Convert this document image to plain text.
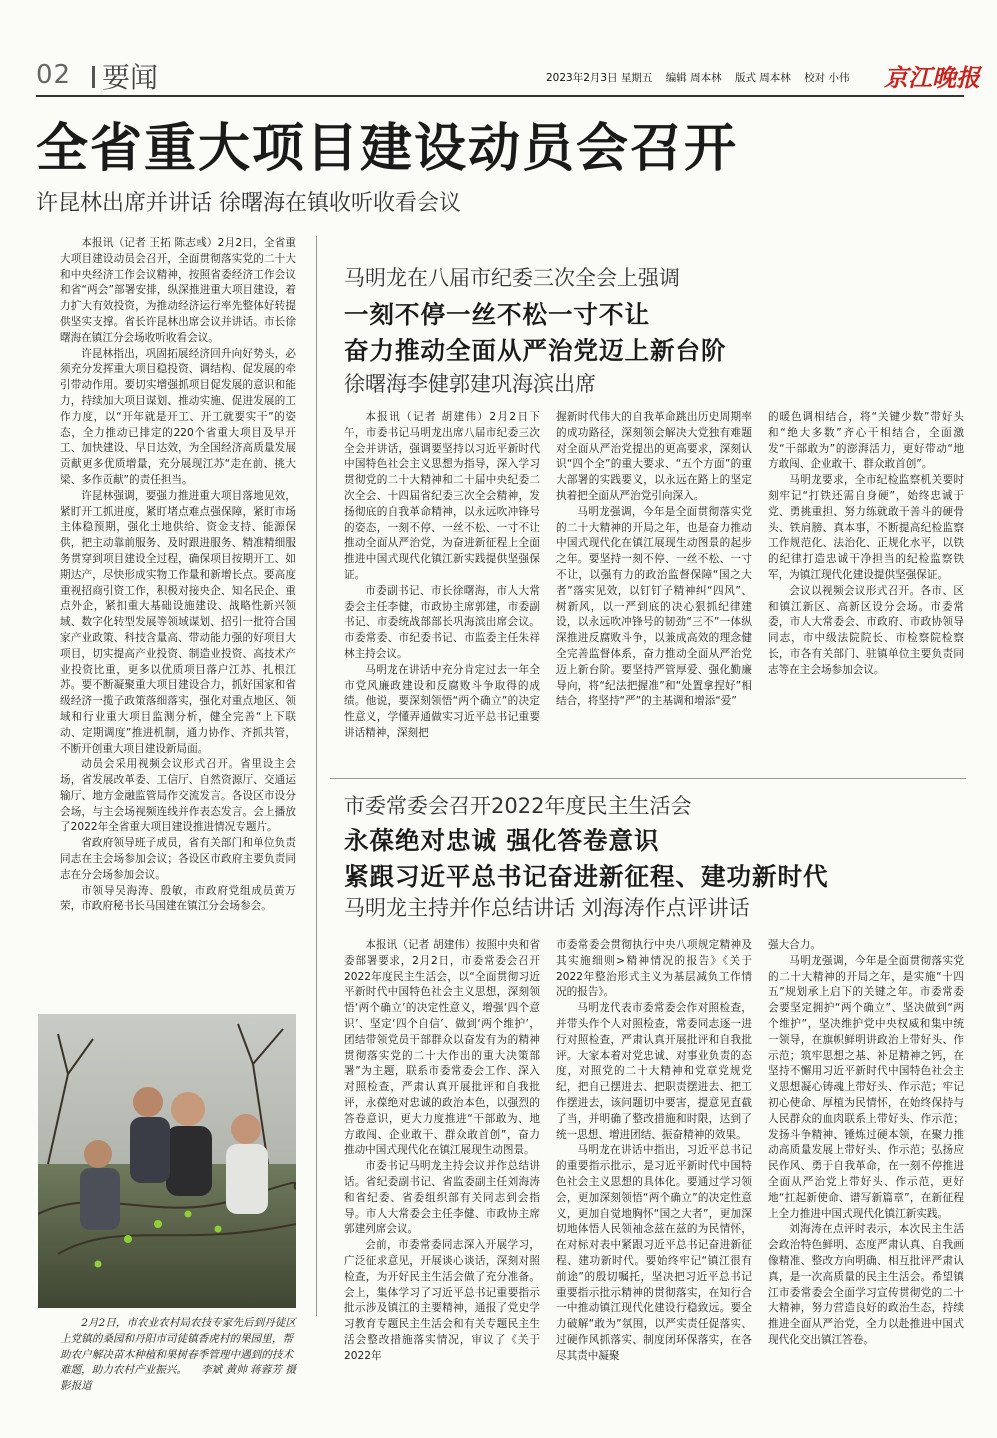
02 要闻	2023年2月3日 星期五 编辑 周本林 版式 周本林 校对 小伟	京江晚报
全省重大项目建设动员会召开
许昆林出席并讲话 徐曙海在镇收听收看会议

本报讯（记者 王拓 陈志彧）2月2日，全省重大项目建设动员会召开，全面贯彻落实党的二十大和中央经济工作会议精神，按照省委经济工作会议和省“两会”部署安排，纵深推进重大项目建设，着力扩大有效投资，为推动经济运行率先整体好转提供坚实支撑。省长许昆林出席会议并讲话。市长徐曙海在镇江分会场收听收看会议。

许昆林指出，巩固拓展经济回升向好势头，必须充分发挥重大项目稳投资、调结构、促发展的牵引带动作用。要切实增强抓项目促发展的意识和能力，持续加大项目谋划、推动实施、促进发展的工作力度，以“开年就是开工、开工就要实干”的姿态，全力推动已排定的220个省重大项目及早开工、加快建设、早日达效，为全国经济高质量发展贡献更多优质增量，充分展现江苏“走在前、挑大梁、多作贡献”的责任担当。

许昆林强调，要强力推进重大项目落地见效，紧盯开工抓进度，紧盯堵点难点强保障，紧盯市场主体稳预期，强化土地供给、资金支持、能源保供，把主动靠前服务、及时跟进服务、精准精细服务贯穿到项目建设全过程，确保项目按期开工、如期达产，尽快形成实物工作量和新增长点。要高度重视招商引资工作，积极对接央企、知名民企、重点外企，紧扣重大基础设施建设、战略性新兴领域、数字化转型发展等领域谋划、招引一批符合国家产业政策、科技含量高、带动能力强的好项目大项目，切实提高产业投资、制造业投资、高技术产业投资比重，更多以优质项目落户江苏、扎根江苏。要不断凝聚重大项目建设合力，抓好国家和省级经济一揽子政策落细落实，强化对重点地区、领域和行业重大项目监测分析，健全完善“上下联动、定期调度”推进机制，通力协作、齐抓共管，不断开创重大项目建设新局面。

动员会采用视频会议形式召开。省里设主会场，省发展改革委、工信厅、自然资源厅、交通运输厅、地方金融监管局作交流发言。各设区市设分会场，与主会场视频连线并作表态发言。会上播放了2022年全省重大项目建设推进情况专题片。

省政府领导班子成员，省有关部门和单位负责同志在主会场参加会议；各设区市政府主要负责同志在分会场参加会议。

市领导吴海涛、殷敏，市政府党组成员黄万荣，市政府秘书长马国建在镇江分会场参会。

马明龙在八届市纪委三次全会上强调
一刻不停一丝不松一寸不让
奋力推动全面从严治党迈上新台阶
徐曙海李健郭建巩海滨出席

本报讯（记者 胡建伟）2月2日下午，市委书记马明龙出席八届市纪委三次全会并讲话，强调要坚持以习近平新时代中国特色社会主义思想为指导，深入学习贯彻党的二十大精神和二十届中央纪委二次全会、十四届省纪委三次全会精神，发扬彻底的自我革命精神，以永远吹冲锋号的姿态，一刻不停、一丝不松、一寸不让推动全面从严治党，为奋进新征程上全面推进中国式现代化镇江新实践提供坚强保证。

市委副书记、市长徐曙海，市人大常委会主任李健，市政协主席郭建，市委副书记、市委统战部部长巩海滨出席会议。市委常委、市纪委书记、市监委主任朱祥林主持会议。

马明龙在讲话中充分肯定过去一年全市党风廉政建设和反腐败斗争取得的成绩。他说，要深刻领悟“两个确立”的决定性意义，学懂弄通做实习近平总书记重要讲话精神，深刻把

握新时代伟大的自我革命跳出历史周期率的成功路径，深刻领会解决大党独有难题对全面从严治党提出的更高要求，深刻认识“四个全”的重大要求、“五个方面”的重大部署的实践要义，以永远在路上的坚定执着把全面从严治党引向深入。

马明龙强调，今年是全面贯彻落实党的二十大精神的开局之年，也是奋力推动中国式现代化在镇江展现生动图景的起步之年。要坚持一刻不停、一丝不松、一寸不让，以强有力的政治监督保障“国之大者”落实见效，以钉钉子精神纠“四风”、树新风，以一严到底的决心狠抓纪律建设，以永远吹冲锋号的韧劲“三不”一体纵深推进反腐败斗争，以兼成高效的理念健全完善监督体系，奋力推动全面从严治党迈上新台阶。要坚持严管厚爱、强化勤廉导向，将“纪法把握准”和“处置拿捏好”相结合，将坚持“严”的主基调和增添“爱”

的暖色调相结合，将“关键少数”带好头和“绝大多数”齐心干相结合，全面激发“干部敢为”的澎湃活力，更好带动“地方敢闯、企业敢干、群众敢首创”。

马明龙要求，全市纪检监察机关要时刻牢记“打铁还需自身硬”，始终忠诚于党、勇挑重担、努力练就敢干善斗的硬骨头、铁肩膀、真本事，不断提高纪检监察工作规范化、法治化、正规化水平，以铁的纪律打造忠诚干净担当的纪检监察铁军，为镇江现代化建设提供坚强保证。

会议以视频会议形式召开。各市、区和镇江新区、高新区设分会场。市委常委，市人大常委会、市政府、市政协领导同志，市中级法院院长、市检察院检察长，市各有关部门、驻镇单位主要负责同志等在主会场参加会议。

市委常委会召开2022年度民主生活会
永葆绝对忠诚 强化答卷意识
紧跟习近平总书记奋进新征程、建功新时代
马明龙主持并作总结讲话 刘海涛作点评讲话

本报讯（记者 胡建伟）按照中央和省委部署要求，2月2日，市委常委会召开2022年度民主生活会，以“全面贯彻习近平新时代中国特色社会主义思想，深刻领悟‘两个确立’的决定性意义，增强‘四个意识’、坚定‘四个自信’、做到‘两个维护’，团结带领党员干部群众以奋发有为的精神贯彻落实党的二十大作出的重大决策部署”为主题，联系市委常委会工作、深入对照检查，严肃认真开展批评和自我批评，永葆绝对忠诚的政治本色，以强烈的答卷意识，更大力度推进“干部敢为、地方敢闯、企业敢干、群众敢首创”，奋力推动中国式现代化在镇江展现生动图景。

市委书记马明龙主持会议并作总结讲话。省纪委副书记、省监委副主任刘海涛和省纪委、省委组织部有关同志到会指导。市人大常委会主任李健、市政协主席郭建列席会议。

会前，市委常委同志深入开展学习，广泛征求意见，开展谈心谈话，深刻对照检查，为开好民主生活会做了充分准备。会上，集体学习了习近平总书记重要指示批示涉及镇江的主要精神，通报了党史学习教育专题民主生活会和有关专题民主生活会整改措施落实情况，审议了《关于2022年

市委常委会贯彻执行中央八项规定精神及其实施细则>精神情况的报告》《关于2022年整治形式主义为基层减负工作情况的报告》。

马明龙代表市委常委会作对照检查，并带头作个人对照检查，常委同志逐一进行对照检查，严肃认真开展批评和自我批评。大家本着对党忠诚、对事业负责的态度，对照党的二十大精神和党章党规党纪，把自己摆进去、把职责摆进去、把工作摆进去，该问题切中要害，提意见直截了当，并明确了整改措施和时限，达到了统一思想、增进团结、振奋精神的效果。

马明龙在讲话中指出，习近平总书记的重要指示批示，是习近平新时代中国特色社会主义思想的具体化。要通过学习领会，更加深刻领悟“两个确立”的决定性意义，更加自觉地胸怀“国之大者”，更加深切地体悟人民领袖念兹在兹的为民情怀，在对标对表中紧跟习近平总书记奋进新征程、建功新时代。要始终牢记“镇江很有前途”的殷切嘱托，坚决把习近平总书记重要指示批示精神的贯彻落实，在知行合一中推动镇江现代化建设行稳致远。要全力破解“敢为”氛围，以严实责任促落实、过硬作风抓落实、制度闭环保落实，在各尽其责中凝聚

强大合力。

马明龙强调，今年是全面贯彻落实党的二十大精神的开局之年，是实施“十四五”规划承上启下的关键之年。市委常委会要坚定拥护“两个确立”、坚决做到“两个维护”，坚决维护党中央权威和集中统一领导，在旗帜鲜明讲政治上带好头、作示范；筑牢思想之基、补足精神之钙，在坚持不懈用习近平新时代中国特色社会主义思想凝心铸魂上带好头、作示范；牢记初心使命、厚植为民情怀，在始终保持与人民群众的血肉联系上带好头、作示范；发扬斗争精神、锤炼过硬本领，在聚力推动高质量发展上带好头、作示范；弘扬应民作风、勇于自我革命，在一刻不停推进全面从严治党上带好头、作示范，更好地“扛起新使命、谱写新篇章”，在新征程上全力推进中国式现代化镇江新实践。

刘海涛在点评时表示，本次民主生活会政治特色鲜明、态度严肃认真、自我画像精准、整改方向明确、相互批评严肃认真，是一次高质量的民主生活会。希望镇江市委常委会全面学习宣传贯彻党的二十大精神，努力营造良好的政治生态，持续推进全面从严治党，全力以赴推进中国式现代化交出镇江答卷。

2月2日，市农业农村局农技专家先后到丹徒区上党镇的桑园和丹阳市司徒镇香虎村的果园里，帮助农户解决苗木种植和果树春季管理中遇到的技术难题，助力农村产业振兴。 李斌 黄帅 蒋蓉芳 摄影报道
